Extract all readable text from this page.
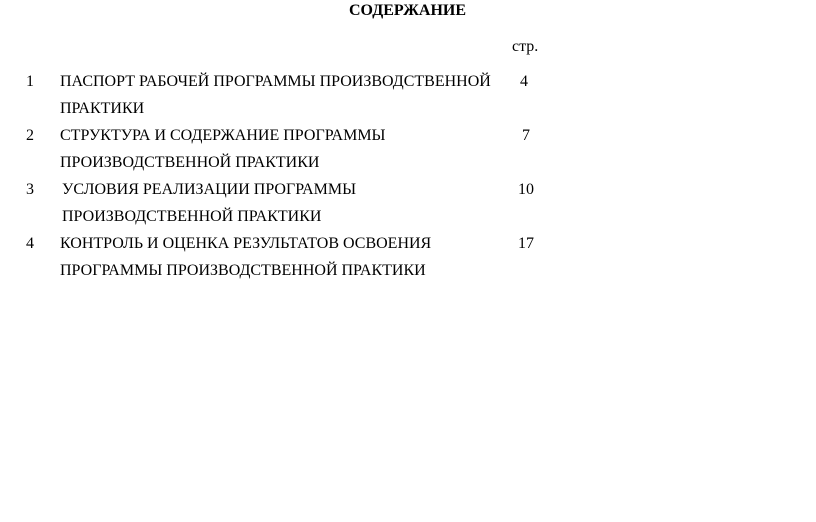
СОДЕРЖАНИЕ
стр.
1 ПАСПОРТ РАБОЧЕЙ ПРОГРАММЫ ПРОИЗВОДСТВЕННОЙ ПРАКТИКИ
4
2 СТРУКТУРА И СОДЕРЖАНИЕ ПРОГРАММЫ ПРОИЗВОДСТВЕННОЙ ПРАКТИКИ
7
3 УСЛОВИЯ РЕАЛИЗАЦИИ ПРОГРАММЫ ПРОИЗВОДСТВЕННОЙ ПРАКТИКИ
10
4 КОНТРОЛЬ И ОЦЕНКА РЕЗУЛЬТАТОВ ОСВОЕНИЯ ПРОГРАММЫ ПРОИЗВОДСТВЕННОЙ ПРАКТИКИ
17
